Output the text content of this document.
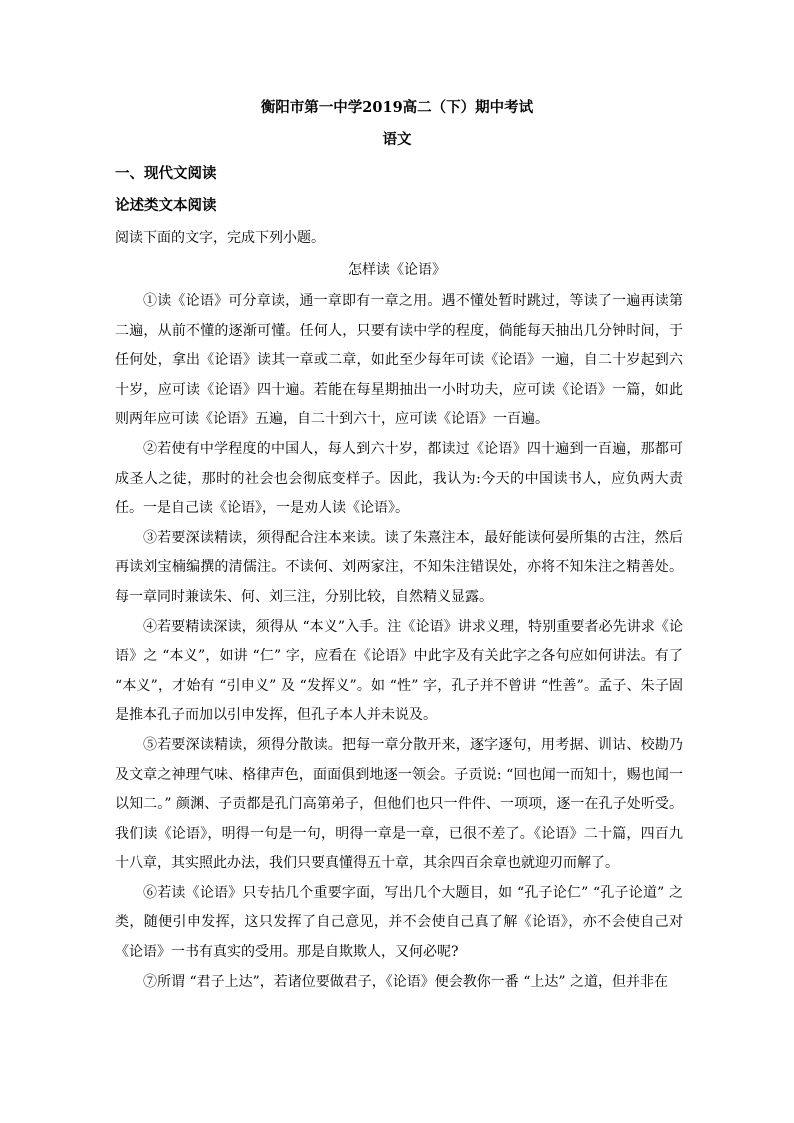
衡阳市第一中学2019高二（下）期中考试
语文
一、现代文阅读
论述类文本阅读
阅读下面的文字，完成下列小题。
怎样读《论语》

①读《论语》可分章读，通一章即有一章之用。遇不懂处暂时跳过，等读了一遍再读第二遍，从前不懂的逐渐可懂。任何人，只要有读中学的程度，倘能每天抽出几分钟时间，于任何处，拿出《论语》读其一章或二章，如此至少每年可读《论语》一遍，自二十岁起到六十岁，应可读《论语》四十遍。若能在每星期抽出一小时功夫，应可读《论语》一篇，如此则两年应可读《论语》五遍，自二十到六十，应可读《论语》一百遍。

②若使有中学程度的中国人，每人到六十岁，都读过《论语》四十遍到一百遍，那都可成圣人之徒，那时的社会也会彻底变样子。因此，我认为:今天的中国读书人，应负两大责任。一是自己读《论语》，一是劝人读《论语》。

③若要深读精读，须得配合注本来读。读了朱熹注本，最好能读何晏所集的古注，然后再读刘宝楠编撰的清儒注。不读何、刘两家注，不知朱注错误处，亦将不知朱注之精善处。每一章同时兼读朱、何、刘三注，分别比较，自然精义显露。

④若要精读深读，须得从 “本义”入手。注《论语》讲求义理，特别重要者必先讲求《论语》之 “本义”，如讲 “仁” 字，应看在《论语》中此字及有关此字之各句应如何讲法。有了 “本义”，才始有 “引申义” 及 “发挥义”。如 “性” 字，孔子并不曾讲 “性善”。孟子、朱子固是推本孔子而加以引申发挥，但孔子本人并未说及。

⑤若要深读精读，须得分散读。把每一章分散开来，逐字逐句，用考据、训诂、校勘乃及文章之神理气味、格律声色，面面俱到地逐一领会。子贡说: “回也闻一而知十，赐也闻一以知二。” 颜渊、子贡都是孔门高第弟子，但他们也只一件件、一项项，逐一在孔子处听受。我们读《论语》，明得一句是一句，明得一章是一章，已很不差了。《论语》二十篇，四百九十八章，其实照此办法，我们只要真懂得五十章，其余四百余章也就迎刃而解了。

⑥若读《论语》只专拈几个重要字面，写出几个大题目，如 “孔子论仁” “孔子论道” 之类，随便引申发挥，这只发挥了自己意见，并不会使自己真了解《论语》，亦不会使自己对《论语》一书有真实的受用。那是自欺欺人，又何必呢?

⑦所谓 “君子上达”，若诸位要做君子，《论语》便会教你一番 “上达” 之道，但并非在
